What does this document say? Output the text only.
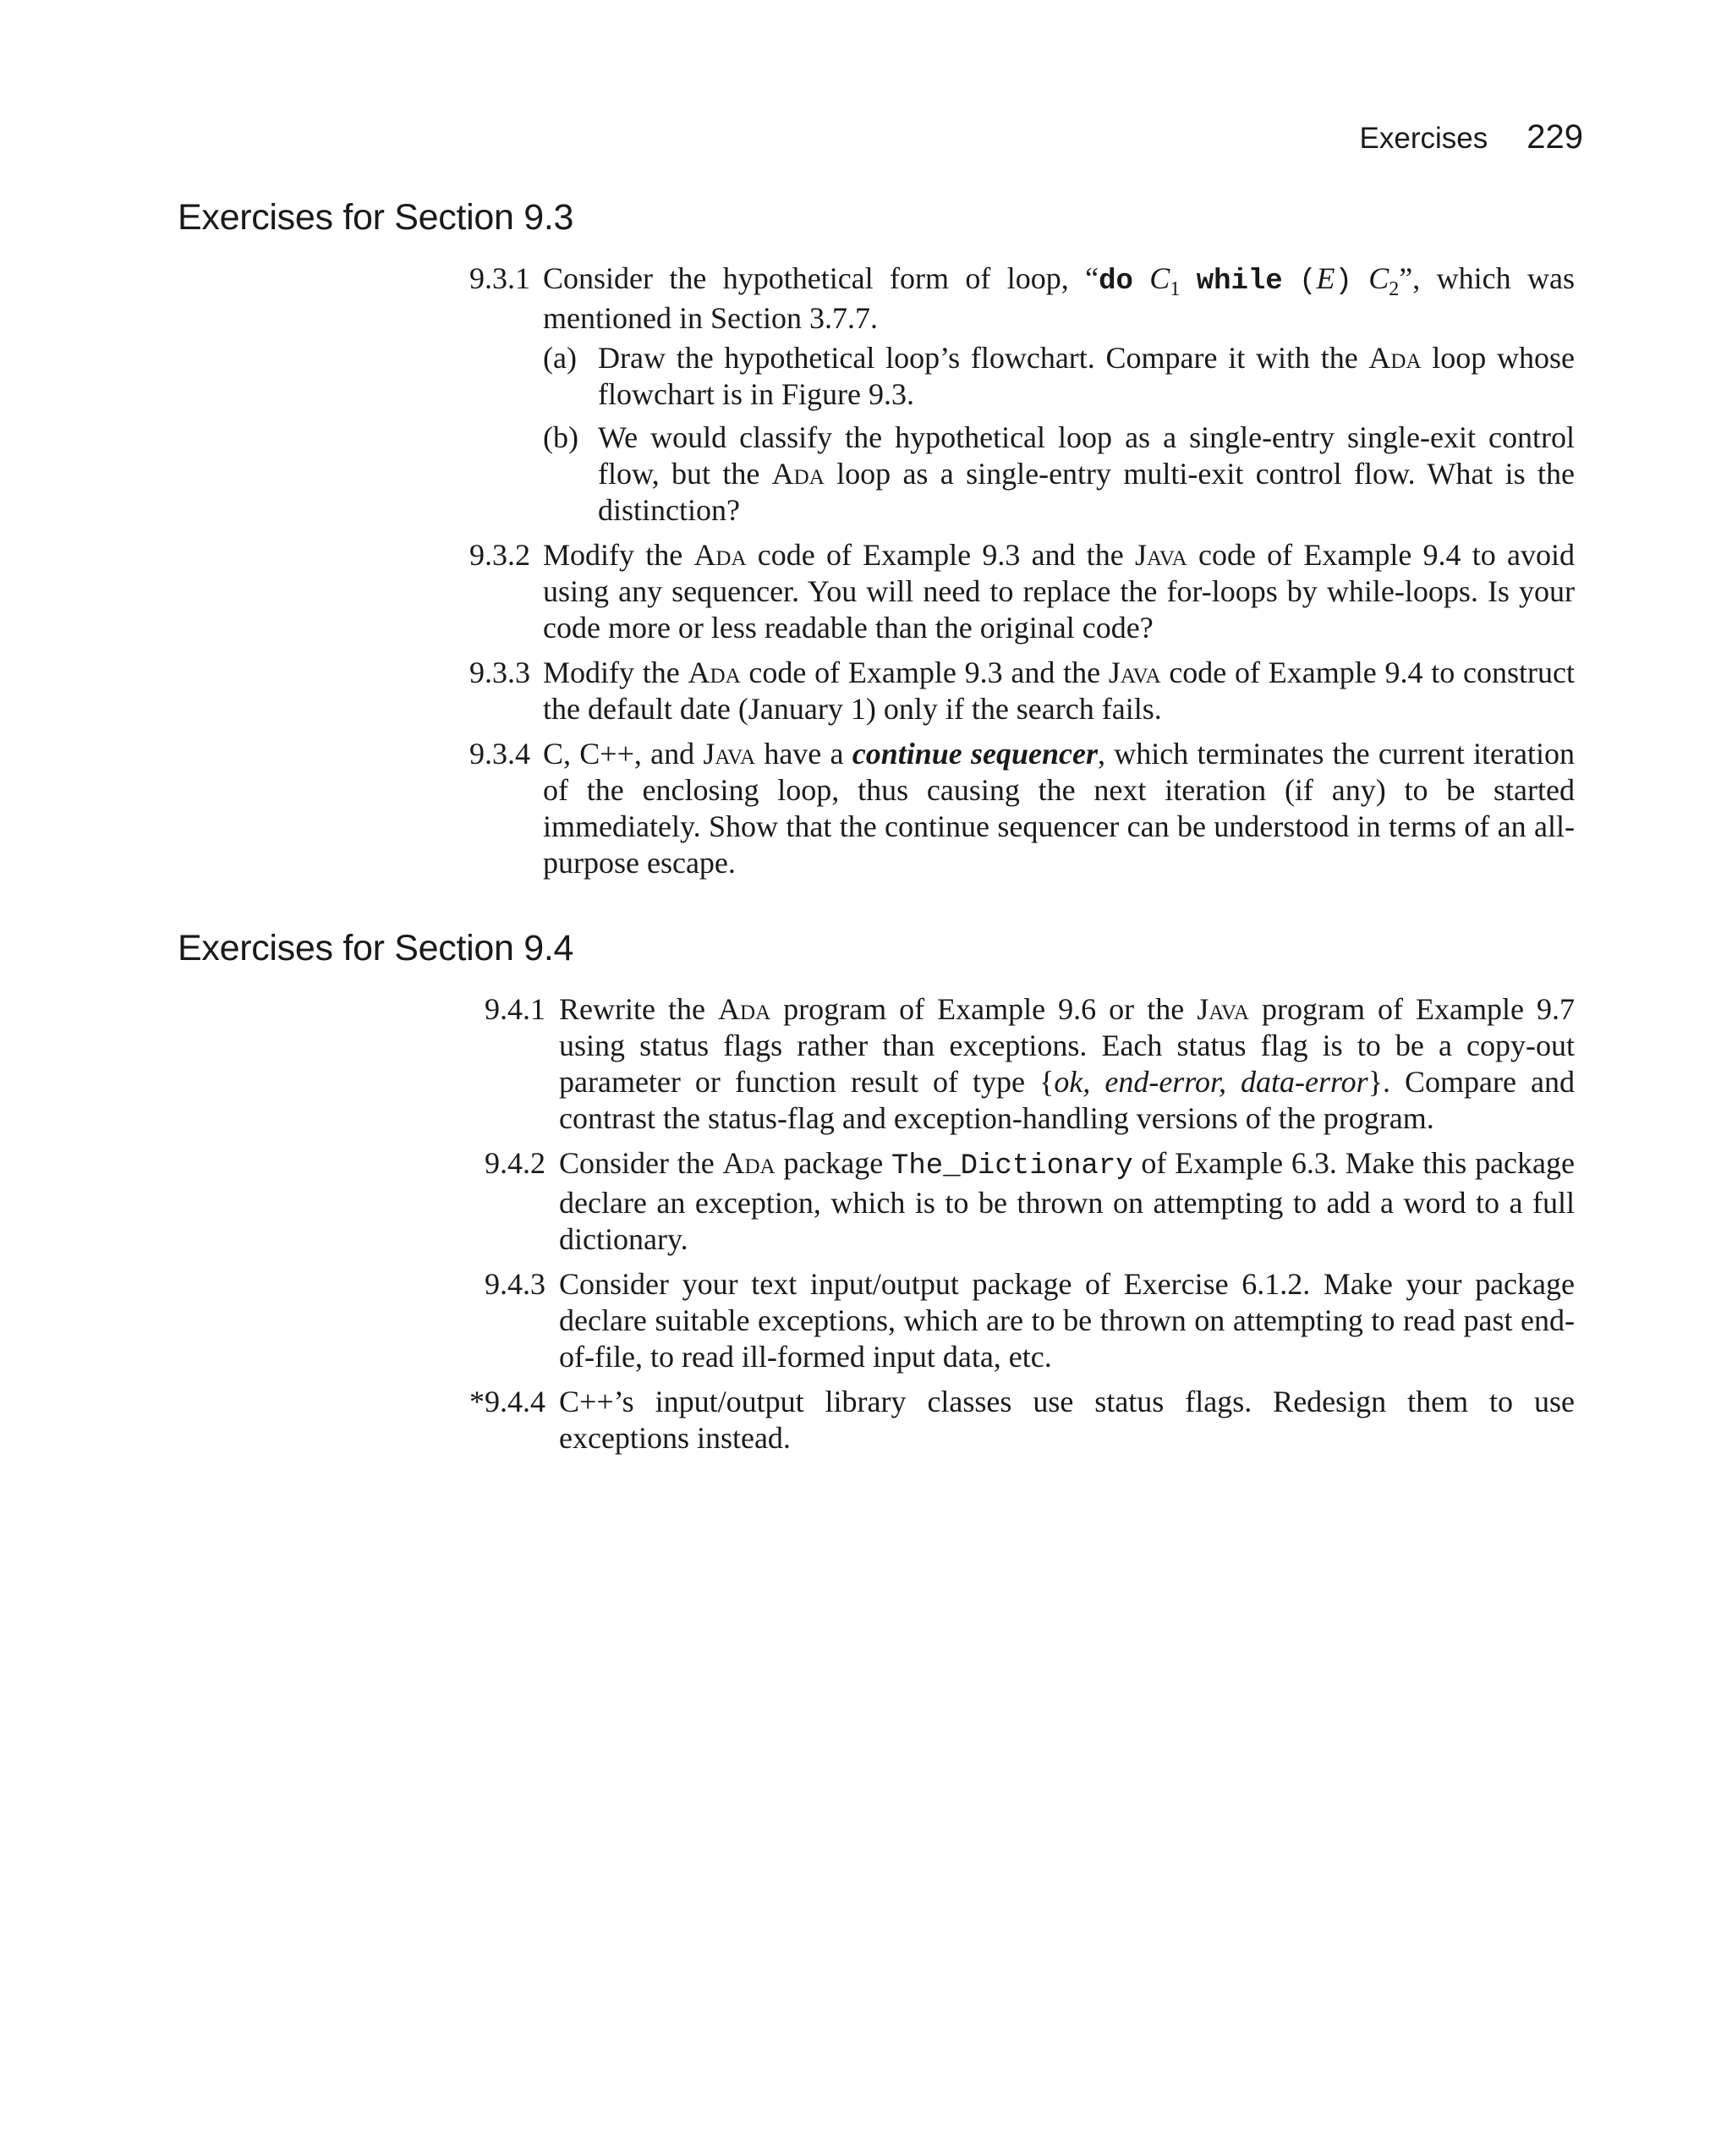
Exercises 229
Exercises for Section 9.3
9.3.1 Consider the hypothetical form of loop, “do $C_1$ while (E) $C_2$”, which was mentioned in Section 3.7.7.
(a) Draw the hypothetical loop’s flowchart. Compare it with the Ada loop whose flowchart is in Figure 9.3.
(b) We would classify the hypothetical loop as a single-entry single-exit control flow, but the Ada loop as a single-entry multi-exit control flow. What is the distinction?
9.3.2 Modify the Ada code of Example 9.3 and the Java code of Example 9.4 to avoid using any sequencer. You will need to replace the for-loops by while-loops. Is your code more or less readable than the original code?
9.3.3 Modify the Ada code of Example 9.3 and the Java code of Example 9.4 to construct the default date (January 1) only if the search fails.
9.3.4 C, C++, and Java have a continue sequencer, which terminates the current iteration of the enclosing loop, thus causing the next iteration (if any) to be started immediately. Show that the continue sequencer can be understood in terms of an all-purpose escape.
Exercises for Section 9.4
9.4.1 Rewrite the Ada program of Example 9.6 or the Java program of Example 9.7 using status flags rather than exceptions. Each status flag is to be a copy-out parameter or function result of type {ok, end-error, data-error}. Compare and contrast the status-flag and exception-handling versions of the program.
9.4.2 Consider the Ada package The_Dictionary of Example 6.3. Make this package declare an exception, which is to be thrown on attempting to add a word to a full dictionary.
9.4.3 Consider your text input/output package of Exercise 6.1.2. Make your package declare suitable exceptions, which are to be thrown on attempting to read past end-of-file, to read ill-formed input data, etc.
*9.4.4 C++’s input/output library classes use status flags. Redesign them to use exceptions instead.
